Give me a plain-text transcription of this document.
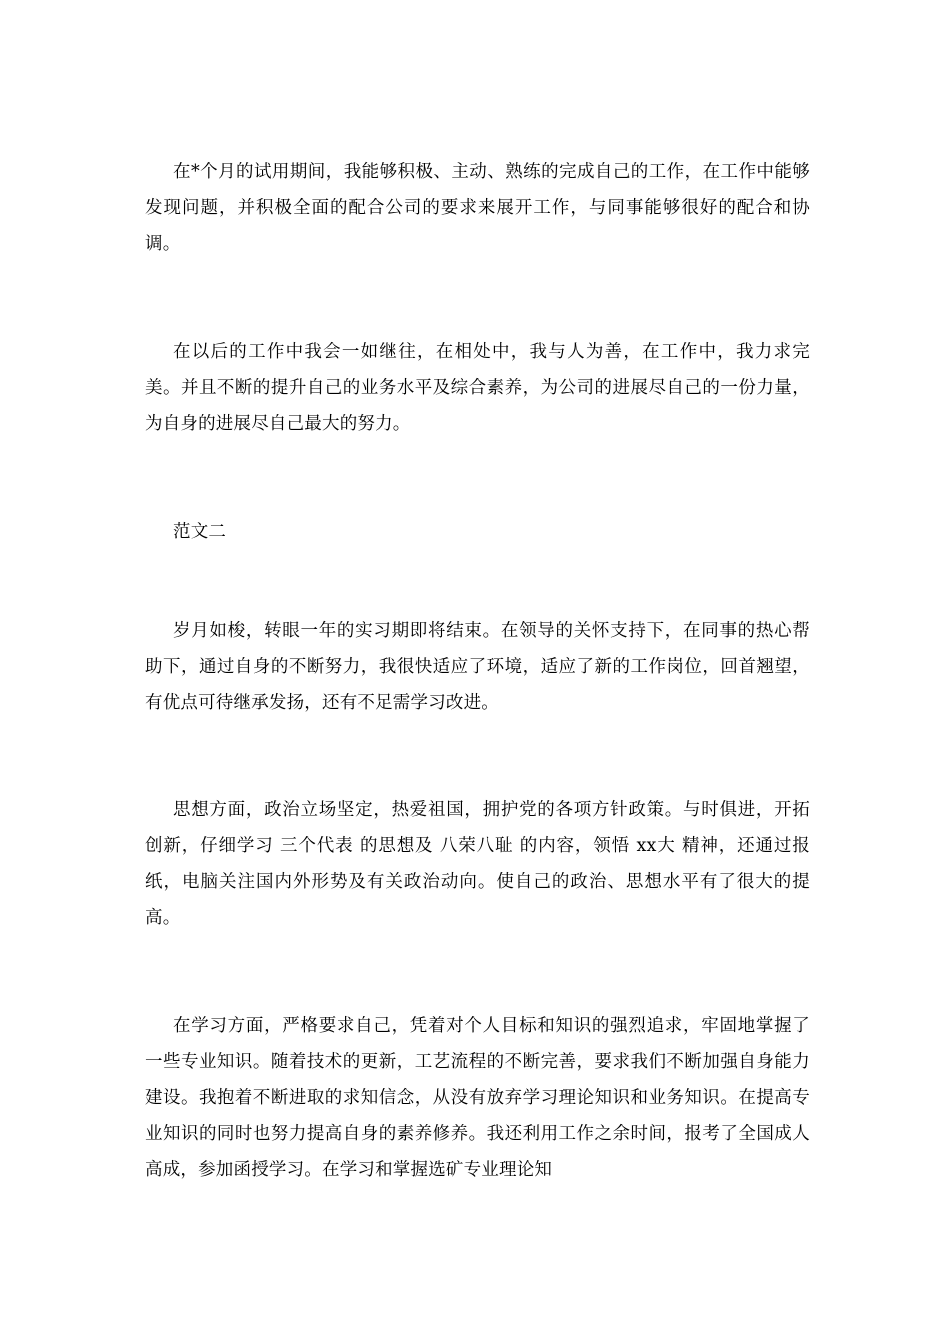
在*个月的试用期间，我能够积极、主动、熟练的完成自己的工作，在工作中能够发现问题，并积极全面的配合公司的要求来展开工作，与同事能够很好的配合和协调。

在以后的工作中我会一如继往，在相处中，我与人为善，在工作中，我力求完美。并且不断的提升自己的业务水平及综合素养，为公司的进展尽自己的一份力量，为自身的进展尽自己最大的努力。

范文二

岁月如梭，转眼一年的实习期即将结束。在领导的关怀支持下，在同事的热心帮助下，通过自身的不断努力，我很快适应了环境，适应了新的工作岗位，回首翘望，有优点可待继承发扬，还有不足需学习改进。

思想方面，政治立场坚定，热爱祖国，拥护党的各项方针政策。与时俱进，开拓创新，仔细学习 三个代表 的思想及 八荣八耻 的内容，领悟 xx大 精神，还通过报纸，电脑关注国内外形势及有关政治动向。使自己的政治、思想水平有了很大的提高。

在学习方面，严格要求自己，凭着对个人目标和知识的强烈追求，牢固地掌握了一些专业知识。随着技术的更新，工艺流程的不断完善，要求我们不断加强自身能力建设。我抱着不断进取的求知信念，从没有放弃学习理论知识和业务知识。在提高专业知识的同时也努力提高自身的素养修养。我还利用工作之余时间，报考了全国成人高成，参加函授学习。在学习和掌握选矿专业理论知
